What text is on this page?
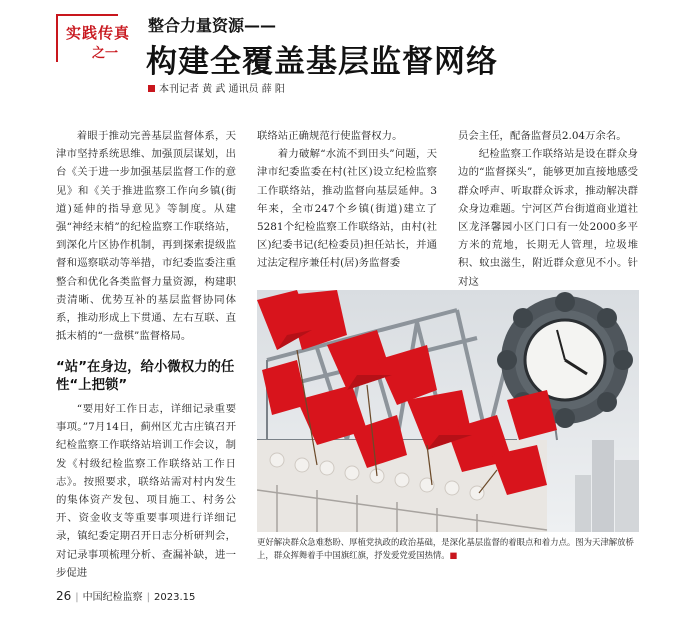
实践传真
之一
整合力量资源——
构建全覆盖基层监督网络
本刊记者 黄 武 通讯员 薛 阳

着眼于推动完善基层监督体系，天津市坚持系统思维、加强顶层谋划，出台《关于进一步加强基层监督工作的意见》和《关于推进监察工作向乡镇(街道)延伸的指导意见》等制度。从建强“神经末梢”的纪检监察工作联络站，到深化片区协作机制，再到探索提级监督和巡察联动等举措，市纪委监委注重整合和优化各类监督力量资源，构建职责清晰、优势互补的基层监督协同体系，推动形成上下贯通、左右互联、直抵末梢的“一盘棋”监督格局。

“站”在身边，给小微权力的任性“上把锁”

“要用好工作日志，详细记录重要事项。”7月14日，蓟州区尤古庄镇召开纪检监察工作联络站培训工作会议，制发《村级纪检监察工作联络站工作日志》。按照要求，联络站需对村内发生的集体资产发包、项目施工、村务公开、资金收支等重要事项进行详细记录，镇纪委定期召开日志分析研判会，对记录事项梳理分析、查漏补缺，进一步促进

联络站正确规范行使监督权力。

着力破解“水流不到田头”问题，天津市纪委监委在村(社区)设立纪检监察工作联络站，推动监督向基层延伸。3年来，全市247个乡镇(街道)建立了5281个纪检监察工作联络站，由村(社区)纪委书记(纪检委员)担任站长，并通过法定程序兼任村(居)务监督委

员会主任，配备监督员2.04万余名。

纪检监察工作联络站是设在群众身边的“监督探头”，能够更加直接地感受群众呼声、听取群众诉求，推动解决群众身边难题。宁河区芦台街道商业道社区龙泽馨园小区门口有一处2000多平方米的荒地，长期无人管理，垃圾堆积、蚊虫滋生，附近群众意见不小。针对这

更好解决群众急难愁盼、厚植党执政的政治基础，是深化基层监督的着眼点和着力点。图为天津解放桥上，群众挥舞着手中国旗红旗，抒发爱党爱国热情。■
26 | 中国纪检监察 | 2023.15
